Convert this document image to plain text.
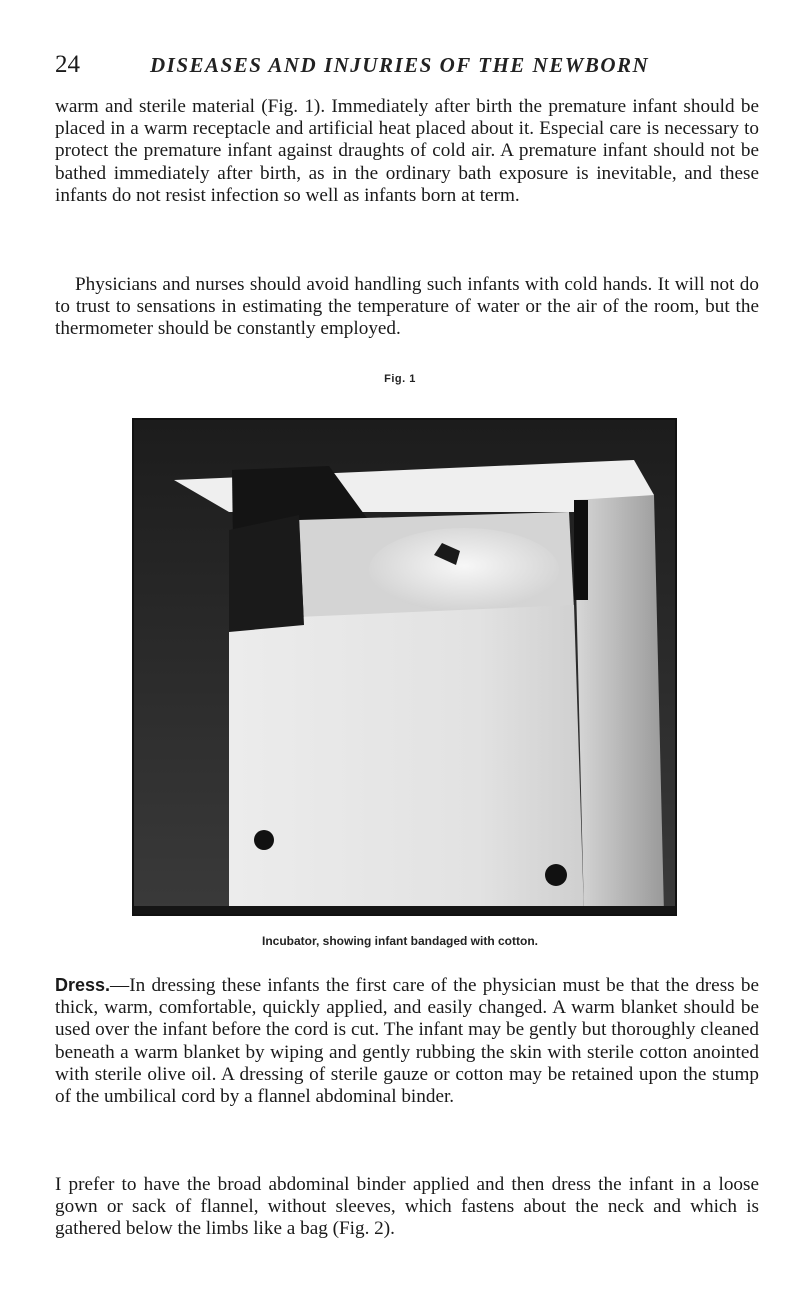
24	DISEASES AND INJURIES OF THE NEWBORN

warm and sterile material (Fig. 1). Immediately after birth the premature infant should be placed in a warm receptacle and artificial heat placed about it. Especial care is necessary to protect the premature infant against draughts of cold air. A premature infant should not be bathed immediately after birth, as in the ordinary bath exposure is inevitable, and these infants do not resist infection so well as infants born at term.

Physicians and nurses should avoid handling such infants with cold hands. It will not do to trust to sensations in estimating the temperature of water or the air of the room, but the thermometer should be constantly employed.

Fig. 1
Incubator, showing infant bandaged with cotton.

Dress.—In dressing these infants the first care of the physician must be that the dress be thick, warm, comfortable, quickly applied, and easily changed. A warm blanket should be used over the infant before the cord is cut. The infant may be gently but thoroughly cleaned beneath a warm blanket by wiping and gently rubbing the skin with sterile cotton anointed with sterile olive oil. A dressing of sterile gauze or cotton may be retained upon the stump of the umbilical cord by a flannel abdominal binder.

I prefer to have the broad abdominal binder applied and then dress the infant in a loose gown or sack of flannel, without sleeves, which fastens about the neck and which is gathered below the limbs like a bag (Fig. 2).
